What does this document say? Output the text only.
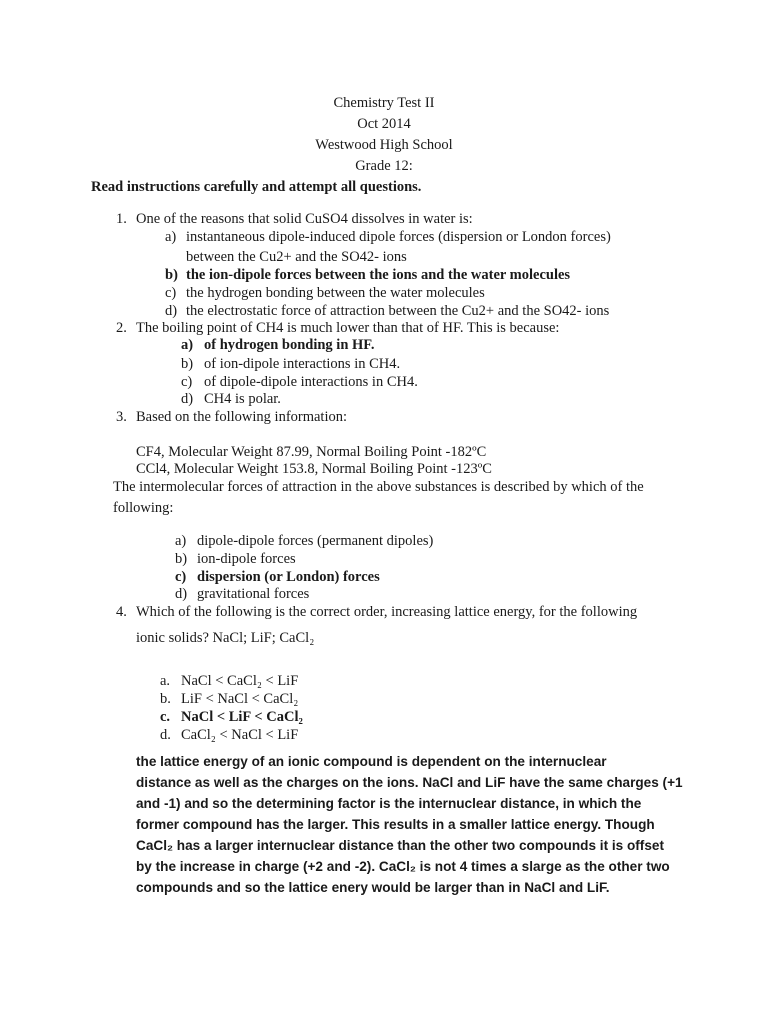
Chemistry Test II
Oct 2014
Westwood High School
Grade 12:
Read instructions carefully and attempt all questions.
1. One of the reasons that solid CuSO4 dissolves in water is:
a) instantaneous dipole-induced dipole forces (dispersion or London forces)
between the Cu2+ and the SO42- ions
b) the ion-dipole forces between the ions and the water molecules
c) the hydrogen bonding between the water molecules
d) the electrostatic force of attraction between the Cu2+ and the SO42- ions
2. The boiling point of CH4 is much lower than that of HF. This is because:
a) of hydrogen bonding in HF.
b) of ion-dipole interactions in CH4.
c) of dipole-dipole interactions in CH4.
d) CH4 is polar.
3. Based on the following information:
CF4, Molecular Weight 87.99, Normal Boiling Point -182ºC
CCl4, Molecular Weight 153.8, Normal Boiling Point -123ºC
The intermolecular forces of attraction in the above substances is described by which of the
following:
a) dipole-dipole forces (permanent dipoles)
b) ion-dipole forces
c) dispersion (or London) forces
d) gravitational forces
4. Which of the following is the correct order, increasing lattice energy, for the following
ionic solids? NaCl; LiF; CaCl₂
a. NaCl < CaCl₂ < LiF
b. LiF < NaCl < CaCl₂
c. NaCl < LiF < CaCl₂
d. CaCl₂ < NaCl < LiF
the lattice energy of an ionic compound is dependent on the internuclear
distance as well as the charges on the ions. NaCl and LiF have the same charges (+1
and -1) and so the determining factor is the internuclear distance, in which the
former compound has the larger. This results in a smaller lattice energy. Though
CaCl₂ has a larger internuclear distance than the other two compounds it is offset
by the increase in charge (+2 and -2). CaCl₂ is not 4 times a slarge as the other two
compounds and so the lattice enery would be larger than in NaCl and LiF.
